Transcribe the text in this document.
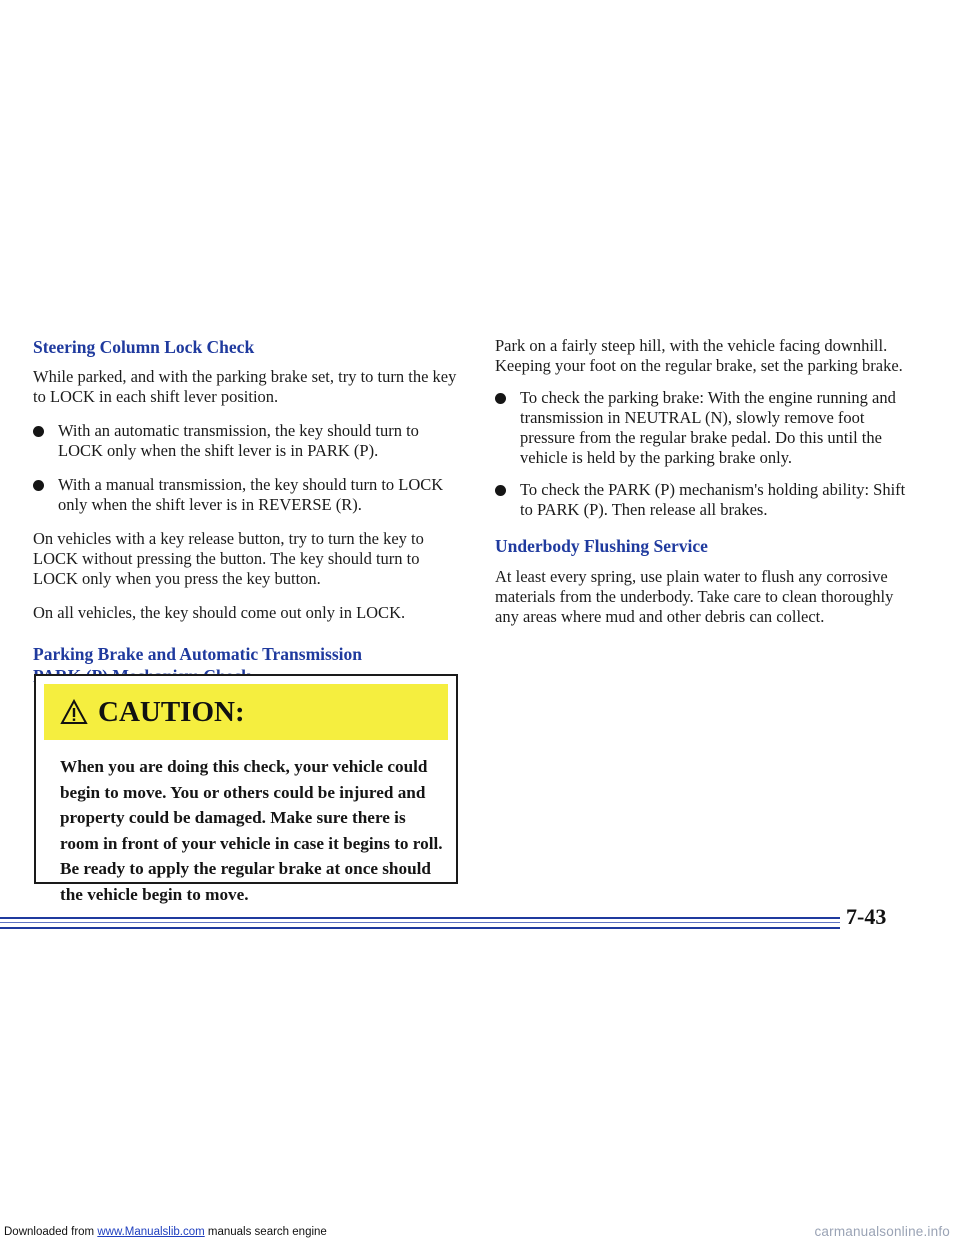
Steering Column Lock Check

While parked, and with the parking brake set, try to turn the key to LOCK in each shift lever position.

With an automatic transmission, the key should turn to LOCK only when the shift lever is in PARK (P).
With a manual transmission, the key should turn to LOCK only when the shift lever is in REVERSE (R).

On vehicles with a key release button, try to turn the key to LOCK without pressing the button. The key should turn to LOCK only when you press the key button.

On all vehicles, the key should come out only in LOCK.

Parking Brake and Automatic Transmission

CAUTION:
When you are doing this check, your vehicle could begin to move. You or others could be injured and property could be damaged. Make sure there is room in front of your vehicle in case it begins to roll. Be ready to apply the regular brake at once should the vehicle begin to move.

Park on a fairly steep hill, with the vehicle facing downhill. Keeping your foot on the regular brake, set the parking brake.

To check the parking brake: With the engine running and transmission in NEUTRAL (N), slowly remove foot pressure from the regular brake pedal. Do this until the vehicle is held by the parking brake only.
To check the PARK (P) mechanism's holding ability: Shift to PARK (P). Then release all brakes.
Underbody Flushing Service

At least every spring, use plain water to flush any corrosive materials from the underbody. Take care to clean thoroughly any areas where mud and other debris can collect.

7-43
Downloaded from www.Manualslib.com manuals search engine	carmanualsonline.info
